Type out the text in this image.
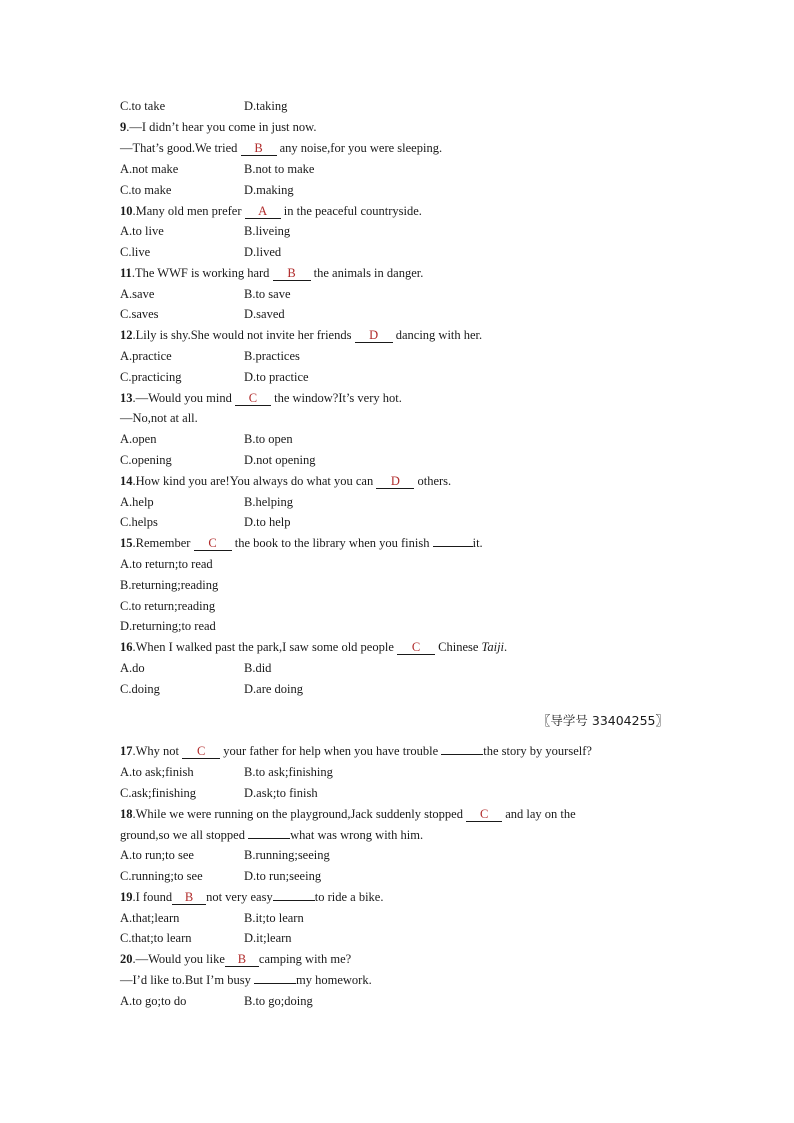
C.to take	D.taking
9.—I didn’t hear you come in just now.
—That’s good.We tried B any noise,for you were sleeping.
A.not make	B.not to make
C.to make	D.making
10.Many old men prefer A in the peaceful countryside.
A.to live	B.liveing
C.live	D.lived
11.The WWF is working hard B the animals in danger.
A.save	B.to save
C.saves	D.saved
12.Lily is shy.She would not invite her friends D dancing with her.
A.practice	B.practices
C.practicing	D.to practice
13.—Would you mind C the window?It’s very hot.
—No,not at all.
A.open	B.to open
C.opening	D.not opening
14.How kind you are!You always do what you can D others.
A.help	B.helping
C.helps	D.to help
15.Remember C the book to the library when you finish	it.
A.to return;to read
B.returning;reading
C.to return;reading
D.returning;to read
16.When I walked past the park,I saw some old people C Chinese Taiji.
A.do	B.did
C.doing	D.are doing
〖导学号 33404255〗
17.Why not C your father for help when you have trouble	the story by yourself?
A.to ask;finish	B.to ask;finishing
C.ask;finishing	D.ask;to finish
18.While we were running on the playground,Jack suddenly stopped C and lay on the
ground,so we all stopped	what was wrong with him.
A.to run;to see	B.running;seeing
C.running;to see	D.to run;seeing
19.I found B not very easy	to ride a bike.
A.that;learn	B.it;to learn
C.that;to learn	D.it;learn
20.—Would you like B camping with me?
—I’d like to.But I’m busy	my homework.
A.to go;to do	B.to go;doing
